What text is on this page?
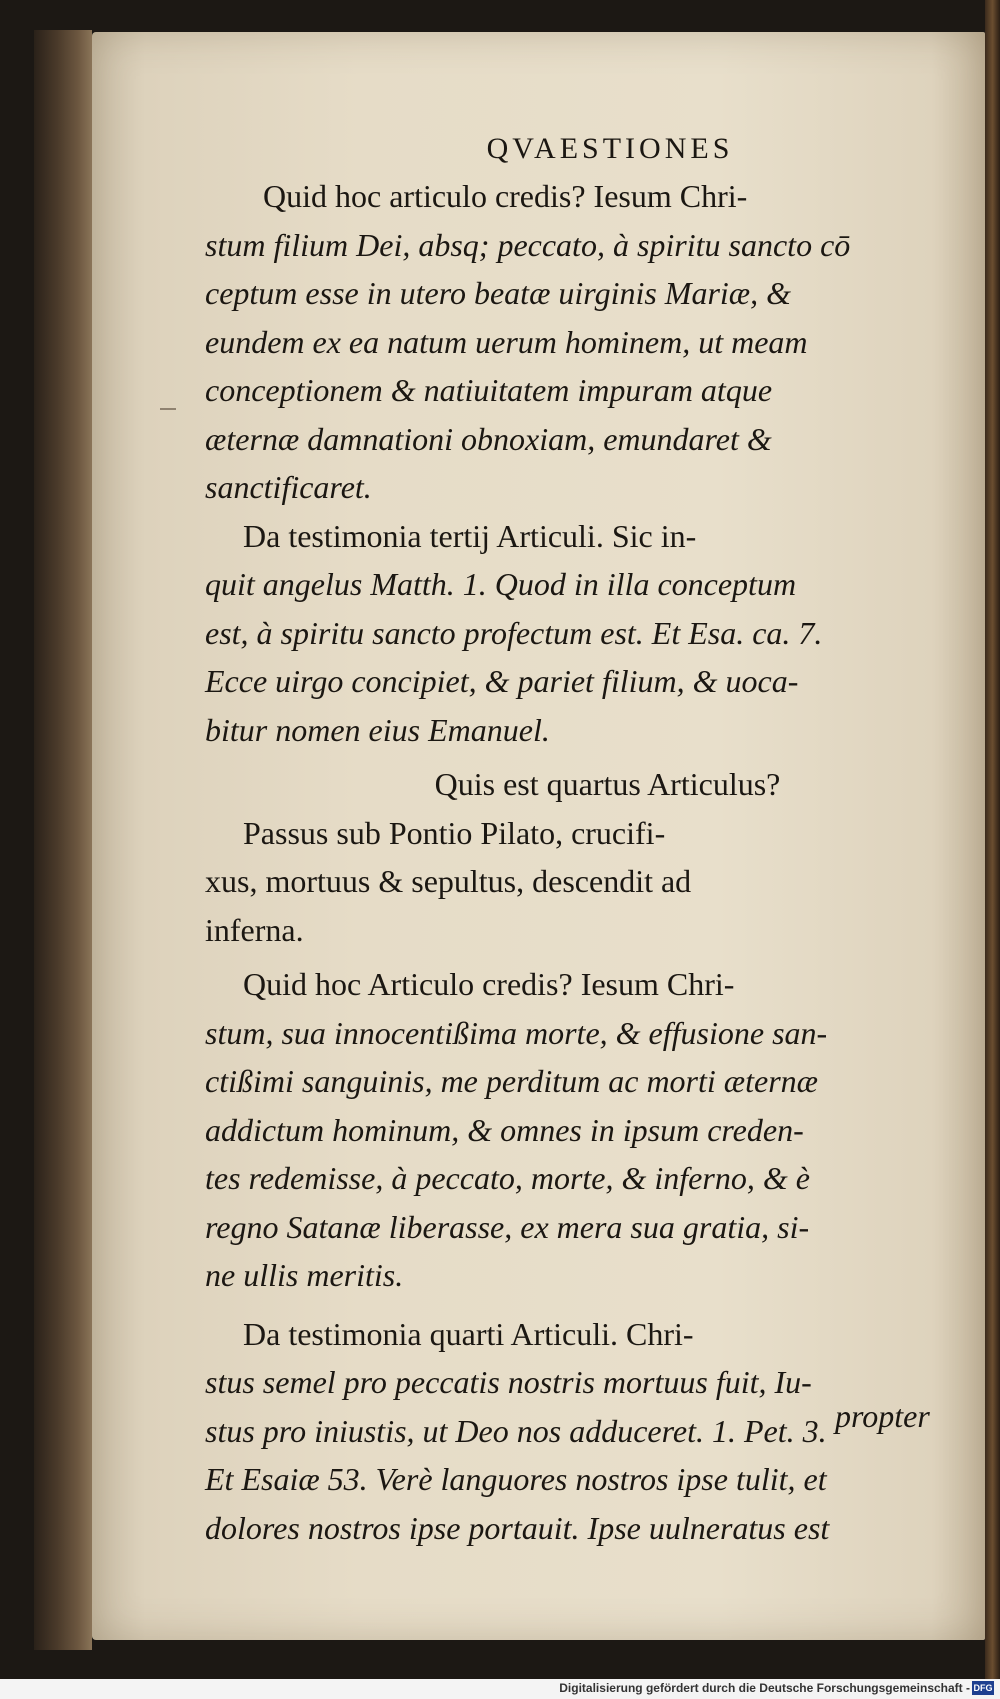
QVAESTIONES
Quid hoc articulo credis? Iesum Chri-
stum filium Dei, absq; peccato, à spiritu sancto cō
ceptum esse in utero beatæ uirginis Mariæ, &
eundem ex ea natum uerum hominem, ut meam
conceptionem & natiuitatem impuram atque
æternæ damnationi obnoxiam, emundaret &
sanctificaret.
Da testimonia tertij Articuli. Sic in-
quit angelus Matth. 1. Quod in illa conceptum
est, à spiritu sancto profectum est. Et Esa. ca. 7.
Ecce uirgo concipiet, & pariet filium, & uoca-
bitur nomen eius Emanuel.
Quis est quartus Articulus?
Passus sub Pontio Pilato, crucifi-
xus, mortuus & sepultus, descendit ad
inferna.
Quid hoc Articulo credis? Iesum Chri-
stum, sua innocentißima morte, & effusione san-
ctißimi sanguinis, me perditum ac morti æternæ
addictum hominum, & omnes in ipsum creden-
tes redemisse, à peccato, morte, & inferno, & è
regno Satanæ liberasse, ex mera sua gratia, si-
ne ullis meritis.
Da testimonia quarti Articuli. Chri-
stus semel pro peccatis nostris mortuus fuit, Iu-
stus pro iniustis, ut Deo nos adduceret. 1. Pet. 3.
Et Esaiæ 53. Verè languores nostros ipse tulit, et
dolores nostros ipse portauit. Ipse uulneratus est
propter
Digitalisierung gefördert durch die Deutsche Forschungsgemeinschaft - DFG
